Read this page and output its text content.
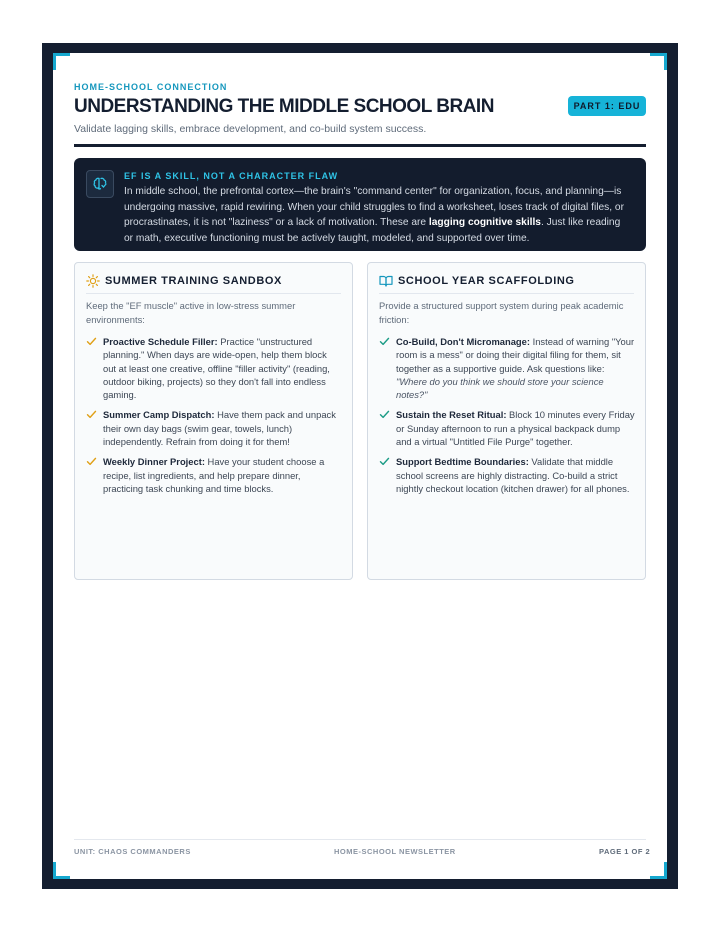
HOME-SCHOOL CONNECTION
UNDERSTANDING THE MIDDLE SCHOOL BRAIN
Validate lagging skills, embrace development, and co-build system success.
PART 1: EDU
EF IS A SKILL, NOT A CHARACTER FLAW
In middle school, the prefrontal cortex—the brain's "command center" for organization, focus, and planning—is undergoing massive, rapid rewiring. When your child struggles to find a worksheet, loses track of digital files, or procrastinates, it is not "laziness" or a lack of motivation. These are lagging cognitive skills. Just like reading or math, executive functioning must be actively taught, modeled, and supported over time.
SUMMER TRAINING SANDBOX
Keep the "EF muscle" active in low-stress summer environments:
Proactive Schedule Filler: Practice "unstructured planning." When days are wide-open, help them block out at least one creative, offline "filler activity" (reading, outdoor biking, projects) so they don't fall into endless gaming.
Summer Camp Dispatch: Have them pack and unpack their own day bags (swim gear, towels, lunch) independently. Refrain from doing it for them!
Weekly Dinner Project: Have your student choose a recipe, list ingredients, and help prepare dinner, practicing task chunking and time blocks.
SCHOOL YEAR SCAFFOLDING
Provide a structured support system during peak academic friction:
Co-Build, Don't Micromanage: Instead of warning "Your room is a mess" or doing their digital filing for them, sit together as a supportive guide. Ask questions like: "Where do you think we should store your science notes?"
Sustain the Reset Ritual: Block 10 minutes every Friday or Sunday afternoon to run a physical backpack dump and a virtual "Untitled File Purge" together.
Support Bedtime Boundaries: Validate that middle school screens are highly distracting. Co-build a strict nightly checkout location (kitchen drawer) for all phones.
UNIT: CHAOS COMMANDERS	HOME-SCHOOL NEWSLETTER	PAGE 1 OF 2
